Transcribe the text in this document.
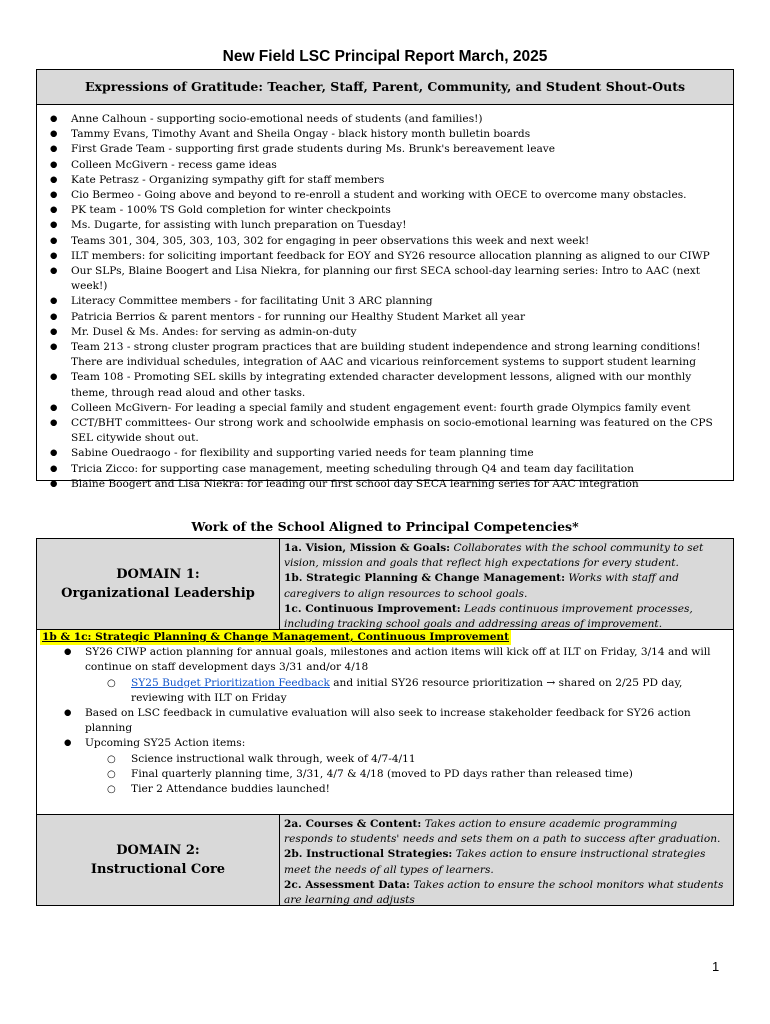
New Field LSC Principal Report March, 2025
Expressions of Gratitude: Teacher, Staff, Parent, Community, and Student Shout-Outs
● Anne Calhoun - supporting socio-emotional needs of students (and families!)
● Tammy Evans, Timothy Avant and Sheila Ongay - black history month bulletin boards
● First Grade Team - supporting first grade students during Ms. Brunk's bereavement leave
● Colleen McGivern - recess game ideas
● Kate Petrasz - Organizing sympathy gift for staff members
● Cio Bermeo - Going above and beyond to re-enroll a student and working with OECE to overcome many obstacles.
● PK team - 100% TS Gold completion for winter checkpoints
● Ms. Dugarte, for assisting with lunch preparation on Tuesday!
● Teams 301, 304, 305, 303, 103, 302 for engaging in peer observations this week and next week!
● ILT members: for soliciting important feedback for EOY and SY26 resource allocation planning as aligned to our CIWP
● Our SLPs, Blaine Boogert and Lisa Niekra, for planning our first SECA school-day learning series: Intro to AAC (next week!)
● Literacy Committee members - for facilitating Unit 3 ARC planning
● Patricia Berrios & parent mentors - for running our Healthy Student Market all year
● Mr. Dusel & Ms. Andes: for serving as admin-on-duty
● Team 213 - strong cluster program practices that are building student independence and strong learning conditions! There are individual schedules, integration of AAC and vicarious reinforcement systems to support student learning
● Team 108 - Promoting SEL skills by integrating extended character development lessons, aligned with our monthly theme, through read aloud and other tasks.
● Colleen McGivern- For leading a special family and student engagement event: fourth grade Olympics family event
● CCT/BHT committees- Our strong work and schoolwide emphasis on socio-emotional learning was featured on the CPS SEL citywide shout out.
● Sabine Ouedraogo - for flexibility and supporting varied needs for team planning time
● Tricia Zicco: for supporting case management, meeting scheduling through Q4 and team day facilitation
● Blaine Boogert and Lisa Niekra: for leading our first school day SECA learning series for AAC integration
Work of the School Aligned to Principal Competencies*
DOMAIN 1:
Organizational Leadership
1a. Vision, Mission & Goals: Collaborates with the school community to set vision, mission and goals that reflect high expectations for every student.
1b. Strategic Planning & Change Management: Works with staff and caregivers to align resources to school goals.
1c. Continuous Improvement: Leads continuous improvement processes, including tracking school goals and addressing areas of improvement.
1b & 1c: Strategic Planning & Change Management, Continuous Improvement
● SY26 CIWP action planning for annual goals, milestones and action items will kick off at ILT on Friday, 3/14 and will continue on staff development days 3/31 and/or 4/18
○ SY25 Budget Prioritization Feedback and initial SY26 resource prioritization → shared on 2/25 PD day, reviewing with ILT on Friday
● Based on LSC feedback in cumulative evaluation will also seek to increase stakeholder feedback for SY26 action planning
● Upcoming SY25 Action items:
○ Science instructional walk through, week of 4/7-4/11
○ Final quarterly planning time, 3/31, 4/7 & 4/18 (moved to PD days rather than released time)
○ Tier 2 Attendance buddies launched!
DOMAIN 2:
Instructional Core
2a. Courses & Content: Takes action to ensure academic programming responds to students' needs and sets them on a path to success after graduation.
2b. Instructional Strategies: Takes action to ensure instructional strategies meet the needs of all types of learners.
2c. Assessment Data: Takes action to ensure the school monitors what students are learning and adjusts
1
